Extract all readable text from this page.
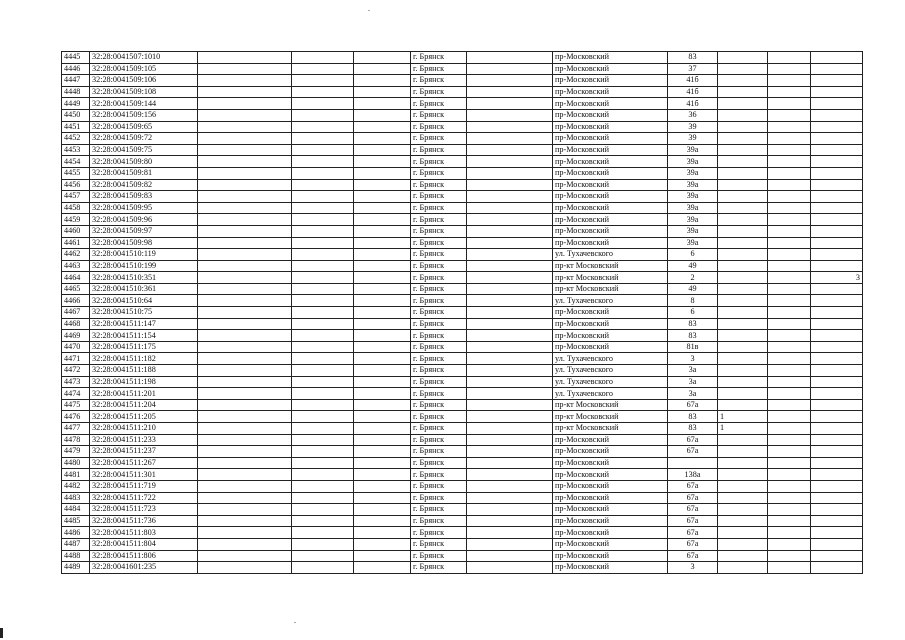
4445	32:28:0041507:1010				г. Брянск		пр-Московский	83			
4446	32:28:0041509:105				г. Брянск		пр-Московский	37			
4447	32:28:0041509:106				г. Брянск		пр-Московский	41б			
4448	32:28:0041509:108				г. Брянск		пр-Московский	41б			
4449	32:28:0041509:144				г. Брянск		пр-Московский	41б			
4450	32:28:0041509:156				г. Брянск		пр-Московский	36			
4451	32:28:0041509:65				г. Брянск		пр-Московский	39			
4452	32:28:0041509:72				г. Брянск		пр-Московский	39			
4453	32:28:0041509:75				г. Брянск		пр-Московский	39а			
4454	32:28:0041509:80				г. Брянск		пр-Московский	39а			
4455	32:28:0041509:81				г. Брянск		пр-Московский	39а			
4456	32:28:0041509:82				г. Брянск		пр-Московский	39а			
4457	32:28:0041509:83				г. Брянск		пр-Московский	39а			
4458	32:28:0041509:95				г. Брянск		пр-Московский	39а			
4459	32:28:0041509:96				г. Брянск		пр-Московский	39а			
4460	32:28:0041509:97				г. Брянск		пр-Московский	39а			
4461	32:28:0041509:98				г. Брянск		пр-Московский	39а			
4462	32:28:0041510:119				г. Брянск		ул. Тухачевского	6			
4463	32:28:0041510:199				г. Брянск		пр-кт Московский	49			
4464	32:28:0041510:351				г. Брянск		пр-кт Московский	2			3
4465	32:28:0041510:361				г. Брянск		пр-кт Московский	49			
4466	32:28:0041510:64				г. Брянск		ул. Тухачевского	8			
4467	32:28:0041510:75				г. Брянск		пр-Московский	6			
4468	32:28:0041511:147				г. Брянск		пр-Московский	83			
4469	32:28:0041511:154				г. Брянск		пр-Московский	83			
4470	32:28:0041511:175				г. Брянск		пр-Московский	81в			
4471	32:28:0041511:182				г. Брянск		ул. Тухачевского	3			
4472	32:28:0041511:188				г. Брянск		ул. Тухачевского	3а			
4473	32:28:0041511:198				г. Брянск		ул. Тухачевского	3а			
4474	32:28:0041511:201				г. Брянск		ул. Тухачевского	3а			
4475	32:28:0041511:204				г. Брянск		пр-кт Московский	67а			
4476	32:28:0041511:205				г. Брянск		пр-кт Московский	83	1		
4477	32:28:0041511:210				г. Брянск		пр-кт Московский	83	1		
4478	32:28:0041511:233				г. Брянск		пр-Московский	67а			
4479	32:28:0041511:237				г. Брянск		пр-Московский	67а			
4480	32:28:0041511:267				г. Брянск		пр-Московский				
4481	32:28:0041511:301				г. Брянск		пр-Московский	138а			
4482	32:28:0041511:719				г. Брянск		пр-Московский	67а			
4483	32:28:0041511:722				г. Брянск		пр-Московский	67а			
4484	32:28:0041511:723				г. Брянск		пр-Московский	67а			
4485	32:28:0041511:736				г. Брянск		пр-Московский	67а			
4486	32:28:0041511:803				г. Брянск		пр-Московский	67а			
4487	32:28:0041511:804				г. Брянск		пр-Московский	67а			
4488	32:28:0041511:806				г. Брянск		пр-Московский	67а			
4489	32:28:0041601:235				г. Брянск		пр-Московский	3			
